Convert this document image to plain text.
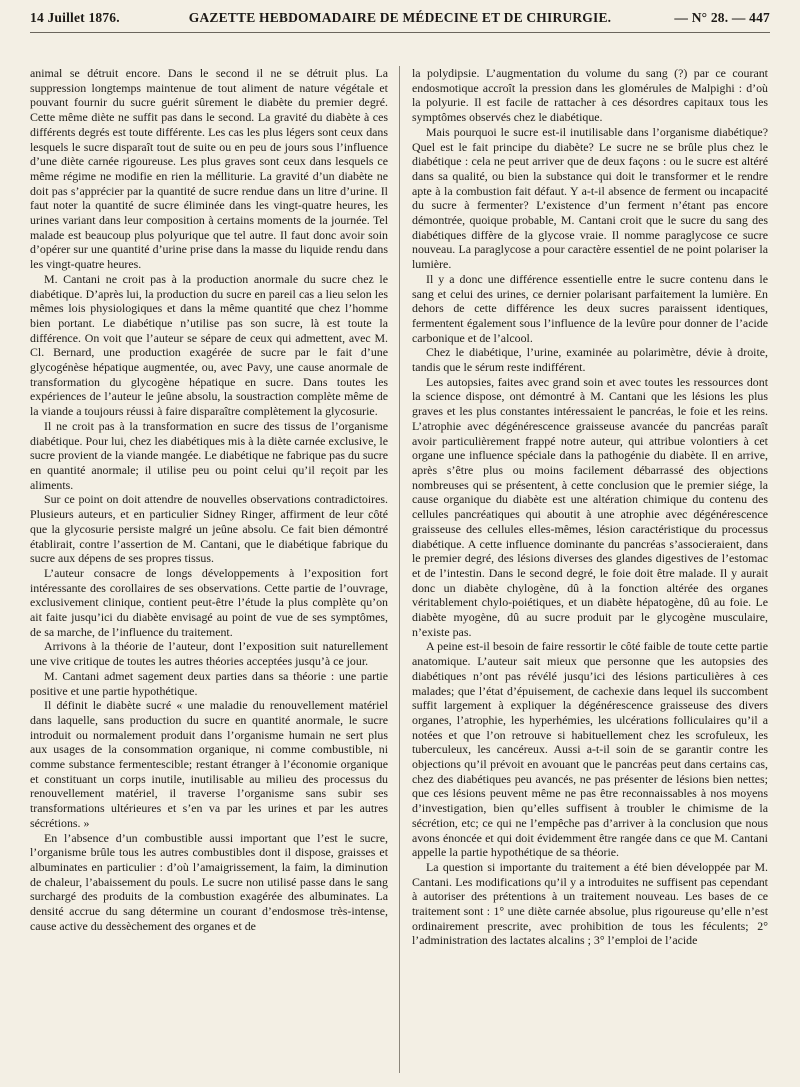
14 Juillet 1876.	GAZETTE HEBDOMADAIRE DE MÉDECINE ET DE CHIRURGIE.	— N° 28. — 447

animal se détruit encore. Dans le second il ne se détruit plus. La suppression longtemps maintenue de tout aliment de nature végétale et pouvant fournir du sucre guérit sûrement le diabète du premier degré. Cette même diète ne suffit pas dans le second. La gravité du diabète à ces différents degrés est toute différente. Les cas les plus légers sont ceux dans lesquels le sucre disparaît tout de suite ou en peu de jours sous l’influence d’une diète carnée rigoureuse. Les plus graves sont ceux dans lesquels ce même régime ne modifie en rien la mélliturie. La gravité d’un diabète ne doit pas s’apprécier par la quantité de sucre rendue dans un litre d’urine. Il faut noter la quantité de sucre éliminée dans les vingt-quatre heures, les urines variant dans leur composition à certains moments de la journée. Tel malade est beaucoup plus polyurique que tel autre. Il faut donc avoir soin d’opérer sur une quantité d’urine prise dans la masse du liquide rendu dans les vingt-quatre heures.

M. Cantani ne croit pas à la production anormale du sucre chez le diabétique. D’après lui, la production du sucre en pareil cas a lieu selon les mêmes lois physiologiques et dans la même quantité que chez l’homme bien portant. Le diabétique n’utilise pas son sucre, là est toute la différence. On voit que l’auteur se sépare de ceux qui admettent, avec M. Cl. Bernard, une production exagérée de sucre par le fait d’une glycogénèse hépatique augmentée, ou, avec Pavy, une cause anormale de transformation du glycogène hépatique en sucre. Dans toutes les expériences de l’auteur le jeûne absolu, la soustraction complète même de la viande a toujours réussi à faire disparaître complètement la glycosurie.

Il ne croit pas à la transformation en sucre des tissus de l’organisme diabétique. Pour lui, chez les diabétiques mis à la diète carnée exclusive, le sucre provient de la viande mangée. Le diabétique ne fabrique pas du sucre en quantité anormale; il utilise peu ou point celui qu’il reçoit par les aliments.

Sur ce point on doit attendre de nouvelles observations contradictoires. Plusieurs auteurs, et en particulier Sidney Ringer, affirment de leur côté que la glycosurie persiste malgré un jeûne absolu. Ce fait bien démontré établirait, contre l’assertion de M. Cantani, que le diabétique fabrique du sucre aux dépens de ses propres tissus.

L’auteur consacre de longs développements à l’exposition fort intéressante des corollaires de ses observations. Cette partie de l’ouvrage, exclusivement clinique, contient peut-être l’étude la plus complète qu’on ait faite jusqu’ici du diabète envisagé au point de vue de ses symptômes, de sa marche, de l’influence du traitement.

Arrivons à la théorie de l’auteur, dont l’exposition suit naturellement une vive critique de toutes les autres théories acceptées jusqu’à ce jour.

M. Cantani admet sagement deux parties dans sa théorie : une partie positive et une partie hypothétique.

Il définit le diabète sucré « une maladie du renouvellement matériel dans laquelle, sans production du sucre en quantité anormale, le sucre introduit ou normalement produit dans l’organisme humain ne sert plus aux usages de la consommation organique, ni comme combustible, ni comme substance fermentescible; restant étranger à l’économie organique et constituant un corps inutile, inutilisable au milieu des processus du renouvellement matériel, il traverse l’organisme sans subir ses transformations ultérieures et s’en va par les urines et par les autres sécrétions. »

En l’absence d’un combustible aussi important que l’est le sucre, l’organisme brûle tous les autres combustibles dont il dispose, graisses et albuminates en particulier : d’où l’amaigrissement, la faim, la diminution de chaleur, l’abaissement du pouls. Le sucre non utilisé passe dans le sang surchargé des produits de la combustion exagérée des albuminates. La densité accrue du sang détermine un courant d’endosmose très-intense, cause active du dessèchement des organes et de

la polydipsie. L’augmentation du volume du sang (?) par ce courant endosmotique accroît la pression dans les glomérules de Malpighi : d’où la polyurie. Il est facile de rattacher à ces désordres capitaux tous les symptômes observés chez le diabétique.

Mais pourquoi le sucre est-il inutilisable dans l’organisme diabétique? Quel est le fait principe du diabète? Le sucre ne se brûle plus chez le diabétique : cela ne peut arriver que de deux façons : ou le sucre est altéré dans sa qualité, ou bien la substance qui doit le transformer et le rendre apte à la combustion fait défaut. Y a-t-il absence de ferment ou incapacité du sucre à fermenter? L’existence d’un ferment n’étant pas encore démontrée, quoique probable, M. Cantani croit que le sucre du sang des diabétiques diffère de la glycose vraie. Il nomme paraglycose ce sucre nouveau. La paraglycose a pour caractère essentiel de ne point polariser la lumière.

Il y a donc une différence essentielle entre le sucre contenu dans le sang et celui des urines, ce dernier polarisant parfaitement la lumière. En dehors de cette différence les deux sucres paraissent identiques, fermentent également sous l’influence de la levûre pour donner de l’acide carbonique et de l’alcool.

Chez le diabétique, l’urine, examinée au polarimètre, dévie à droite, tandis que le sérum reste indifférent.

Les autopsies, faites avec grand soin et avec toutes les ressources dont la science dispose, ont démontré à M. Cantani que les lésions les plus graves et les plus constantes intéressaient le pancréas, le foie et les reins. L’atrophie avec dégénérescence graisseuse avancée du pancréas paraît avoir particulièrement frappé notre auteur, qui attribue volontiers à cet organe une influence spéciale dans la pathogénie du diabète. Il en arrive, après s’être plus ou moins facilement débarrassé des objections nombreuses qui se présentent, à cette conclusion que le premier siége, la cause organique du diabète est une altération chimique du contenu des cellules pancréatiques qui aboutit à une atrophie avec dégénérescence graisseuse des cellules elles-mêmes, lésion caractéristique du processus diabétique. A cette influence dominante du pancréas s’associeraient, dans le premier degré, des lésions diverses des glandes digestives de l’estomac et de l’intestin. Dans le second degré, le foie doit être malade. Il y aurait donc un diabète chylogène, dû à la fonction altérée des organes véritablement chylo-poiétiques, et un diabète hépatogène, dû au foie. Le diabète myogène, dû au sucre produit par le glycogène musculaire, n’existe pas.

A peine est-il besoin de faire ressortir le côté faible de toute cette partie anatomique. L’auteur sait mieux que personne que les autopsies des diabétiques n’ont pas révélé jusqu’ici des lésions particulières à ces malades; que l’état d’épuisement, de cachexie dans lequel ils succombent suffit largement à expliquer la dégénérescence graisseuse des divers organes, l’atrophie, les hyperhémies, les ulcérations folliculaires qu’il a notées et que l’on retrouve si habituellement chez les scrofuleux, les tuberculeux, les cancéreux. Aussi a-t-il soin de se garantir contre les objections qu’il prévoit en avouant que le pancréas peut dans certains cas, chez des diabétiques peu avancés, ne pas présenter de lésions bien nettes; que ces lésions peuvent même ne pas être reconnaissables à nos moyens d’investigation, bien qu’elles suffisent à troubler le chimisme de la sécrétion, etc; ce qui ne l’empêche pas d’arriver à la conclusion que nous avons énoncée et qui doit évidemment être rangée dans ce que M. Cantani appelle la partie hypothétique de sa théorie.

La question si importante du traitement a été bien développée par M. Cantani. Les modifications qu’il y a introduites ne suffisent pas cependant à autoriser des prétentions à un traitement nouveau. Les bases de ce traitement sont : 1° une diète carnée absolue, plus rigoureuse qu’elle n’est ordinairement prescrite, avec prohibition de tous les féculents; 2° l’administration des lactates alcalins ; 3° l’emploi de l’acide
